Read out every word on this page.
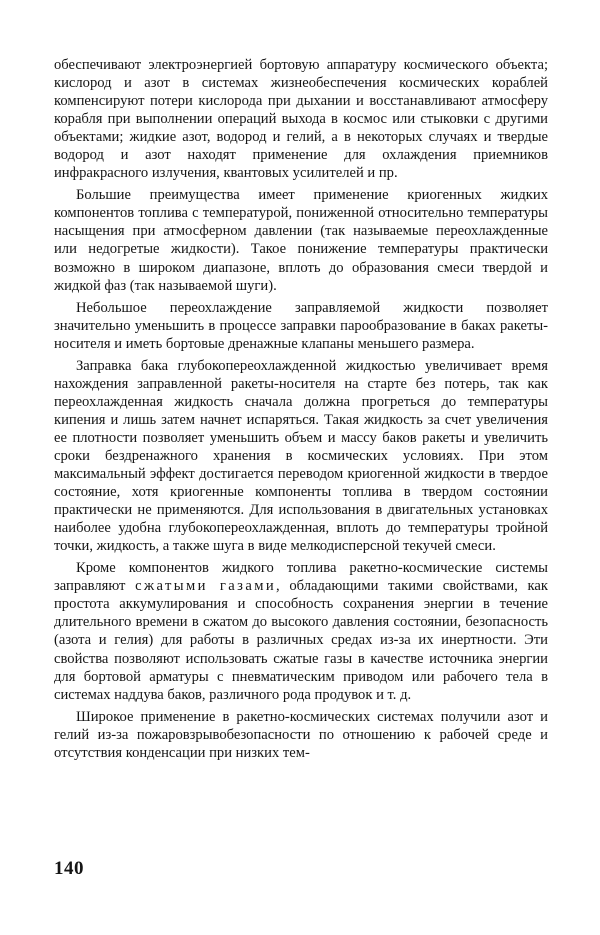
обеспечивают электроэнергией бортовую аппаратуру космического объекта; кислород и азот в системах жизнеобеспечения космических кораблей компенсируют потери кислорода при дыхании и восстанавливают атмосферу корабля при выполнении операций выхода в космос или стыковки с другими объектами; жидкие азот, водород и гелий, а в некоторых случаях и твердые водород и азот находят применение для охлаждения приемников инфракрасного излучения, квантовых усилителей и пр.

Большие преимущества имеет применение криогенных жидких компонентов топлива с температурой, пониженной относительно температуры насыщения при атмосферном давлении (так называемые переохлажденные или недогретые жидкости). Такое понижение температуры практически возможно в широком диапазоне, вплоть до образования смеси твердой и жидкой фаз (так называемой шуги).

Небольшое переохлаждение заправляемой жидкости позволяет значительно уменьшить в процессе заправки парообразование в баках ракеты-носителя и иметь бортовые дренажные клапаны меньшего размера.

Заправка бака глубокопереохлажденной жидкостью увеличивает время нахождения заправленной ракеты-носителя на старте без потерь, так как переохлажденная жидкость сначала должна прогреться до температуры кипения и лишь затем начнет испаряться. Такая жидкость за счет увеличения ее плотности позволяет уменьшить объем и массу баков ракеты и увеличить сроки бездренажного хранения в космических условиях. При этом максимальный эффект достигается переводом криогенной жидкости в твердое состояние, хотя криогенные компоненты топлива в твердом состоянии практически не применяются. Для использования в двигательных установках наиболее удобна глубокопереохлажденная, вплоть до температуры тройной точки, жидкость, а также шуга в виде мелкодисперсной текучей смеси.

Кроме компонентов жидкого топлива ракетно-космические системы заправляют сжатыми газами, обладающими такими свойствами, как простота аккумулирования и способность сохранения энергии в течение длительного времени в сжатом до высокого давления состоянии, безопасность (азота и гелия) для работы в различных средах из-за их инертности. Эти свойства позволяют использовать сжатые газы в качестве источника энергии для бортовой арматуры с пневматическим приводом или рабочего тела в системах наддува баков, различного рода продувок и т. д.

Широкое применение в ракетно-космических системах получили азот и гелий из-за пожаровзрывобезопасности по отношению к рабочей среде и отсутствия конденсации при низких тем-

140
